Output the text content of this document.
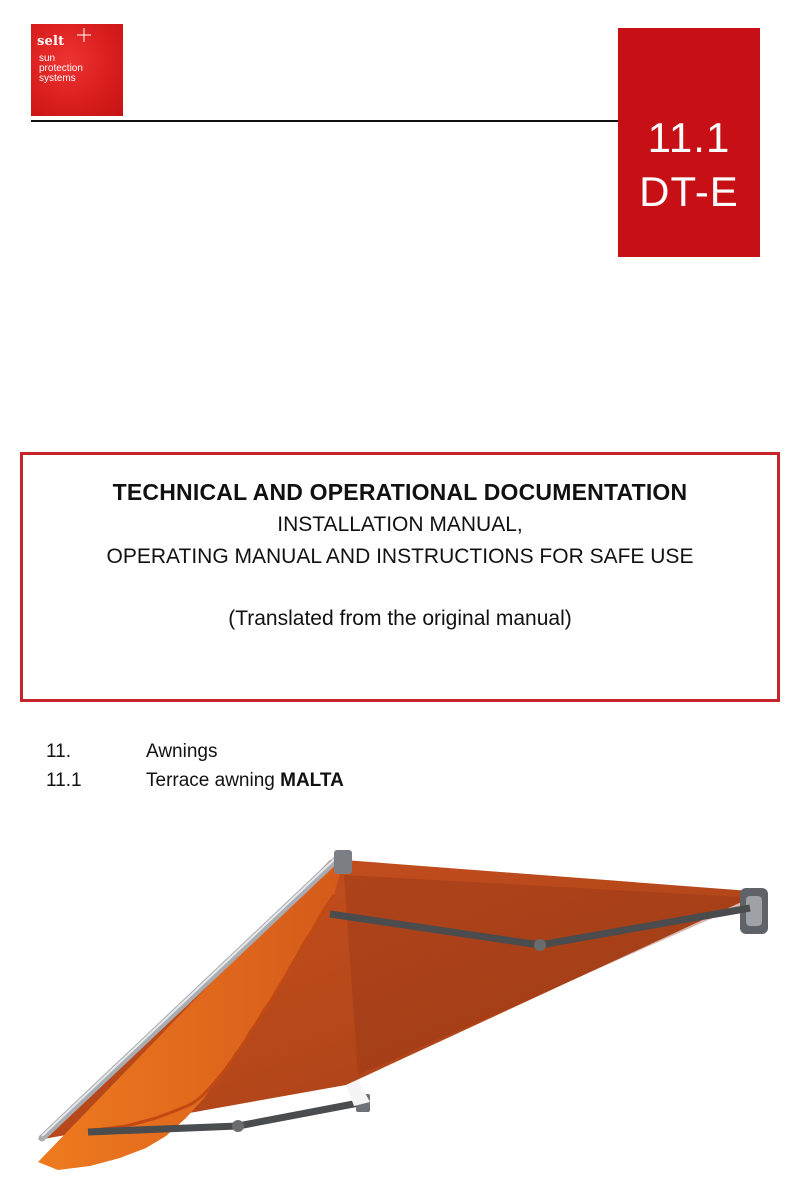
selt
sun
protection
systems
11.1
DT-E
TECHNICAL AND OPERATIONAL DOCUMENTATION
INSTALLATION MANUAL,
OPERATING MANUAL AND INSTRUCTIONS FOR SAFE USE
(Translated from the original manual)
11.	Awnings
11.1	Terrace awning MALTA
